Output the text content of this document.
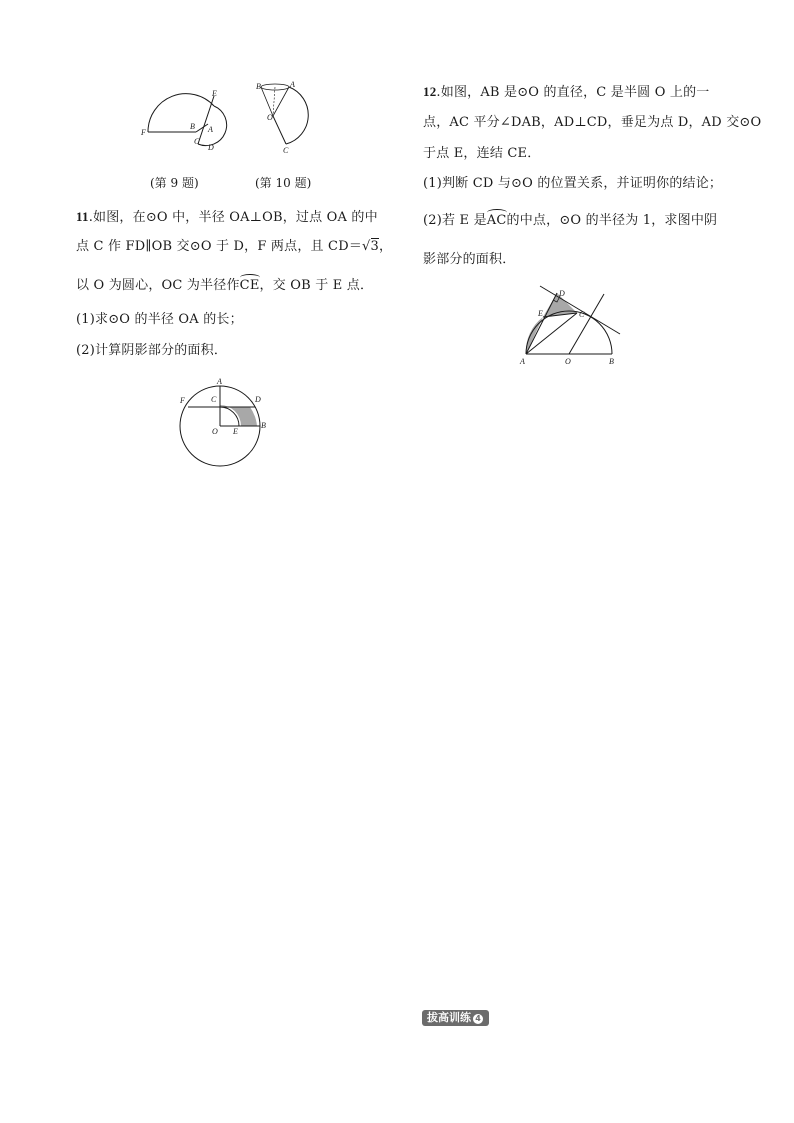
E
F
B A
C
D
B	A
O
C
(第 9 题)	(第 10 题)
11.如图，在⊙O 中，半径 OA⊥OB，过点 OA 的中
点 C 作 FD∥OB 交⊙O 于 D，F 两点，且 CD＝√3，
以 O 为圆心，OC 为半径作
CE，交 OB 于 E 点．
(1)求⊙O 的半径 OA 的长；
(2)计算阴影部分的面积．
A
F	C	D
O E
B
12.如图，AB 是⊙O 的直径，C 是半圆 O 上的一
点，AC 平分∠DAB，AD⊥CD，垂足为点 D，AD 交⊙O
于点 E，连结 CE．
(1)判断 CD 与⊙O 的位置关系，并证明你的结论；
(2)若 E 是
AC的中点，⊙O 的半径为 1，求图中阴
影部分的面积．
D
E	C
A	O	B
拔高训练 4
